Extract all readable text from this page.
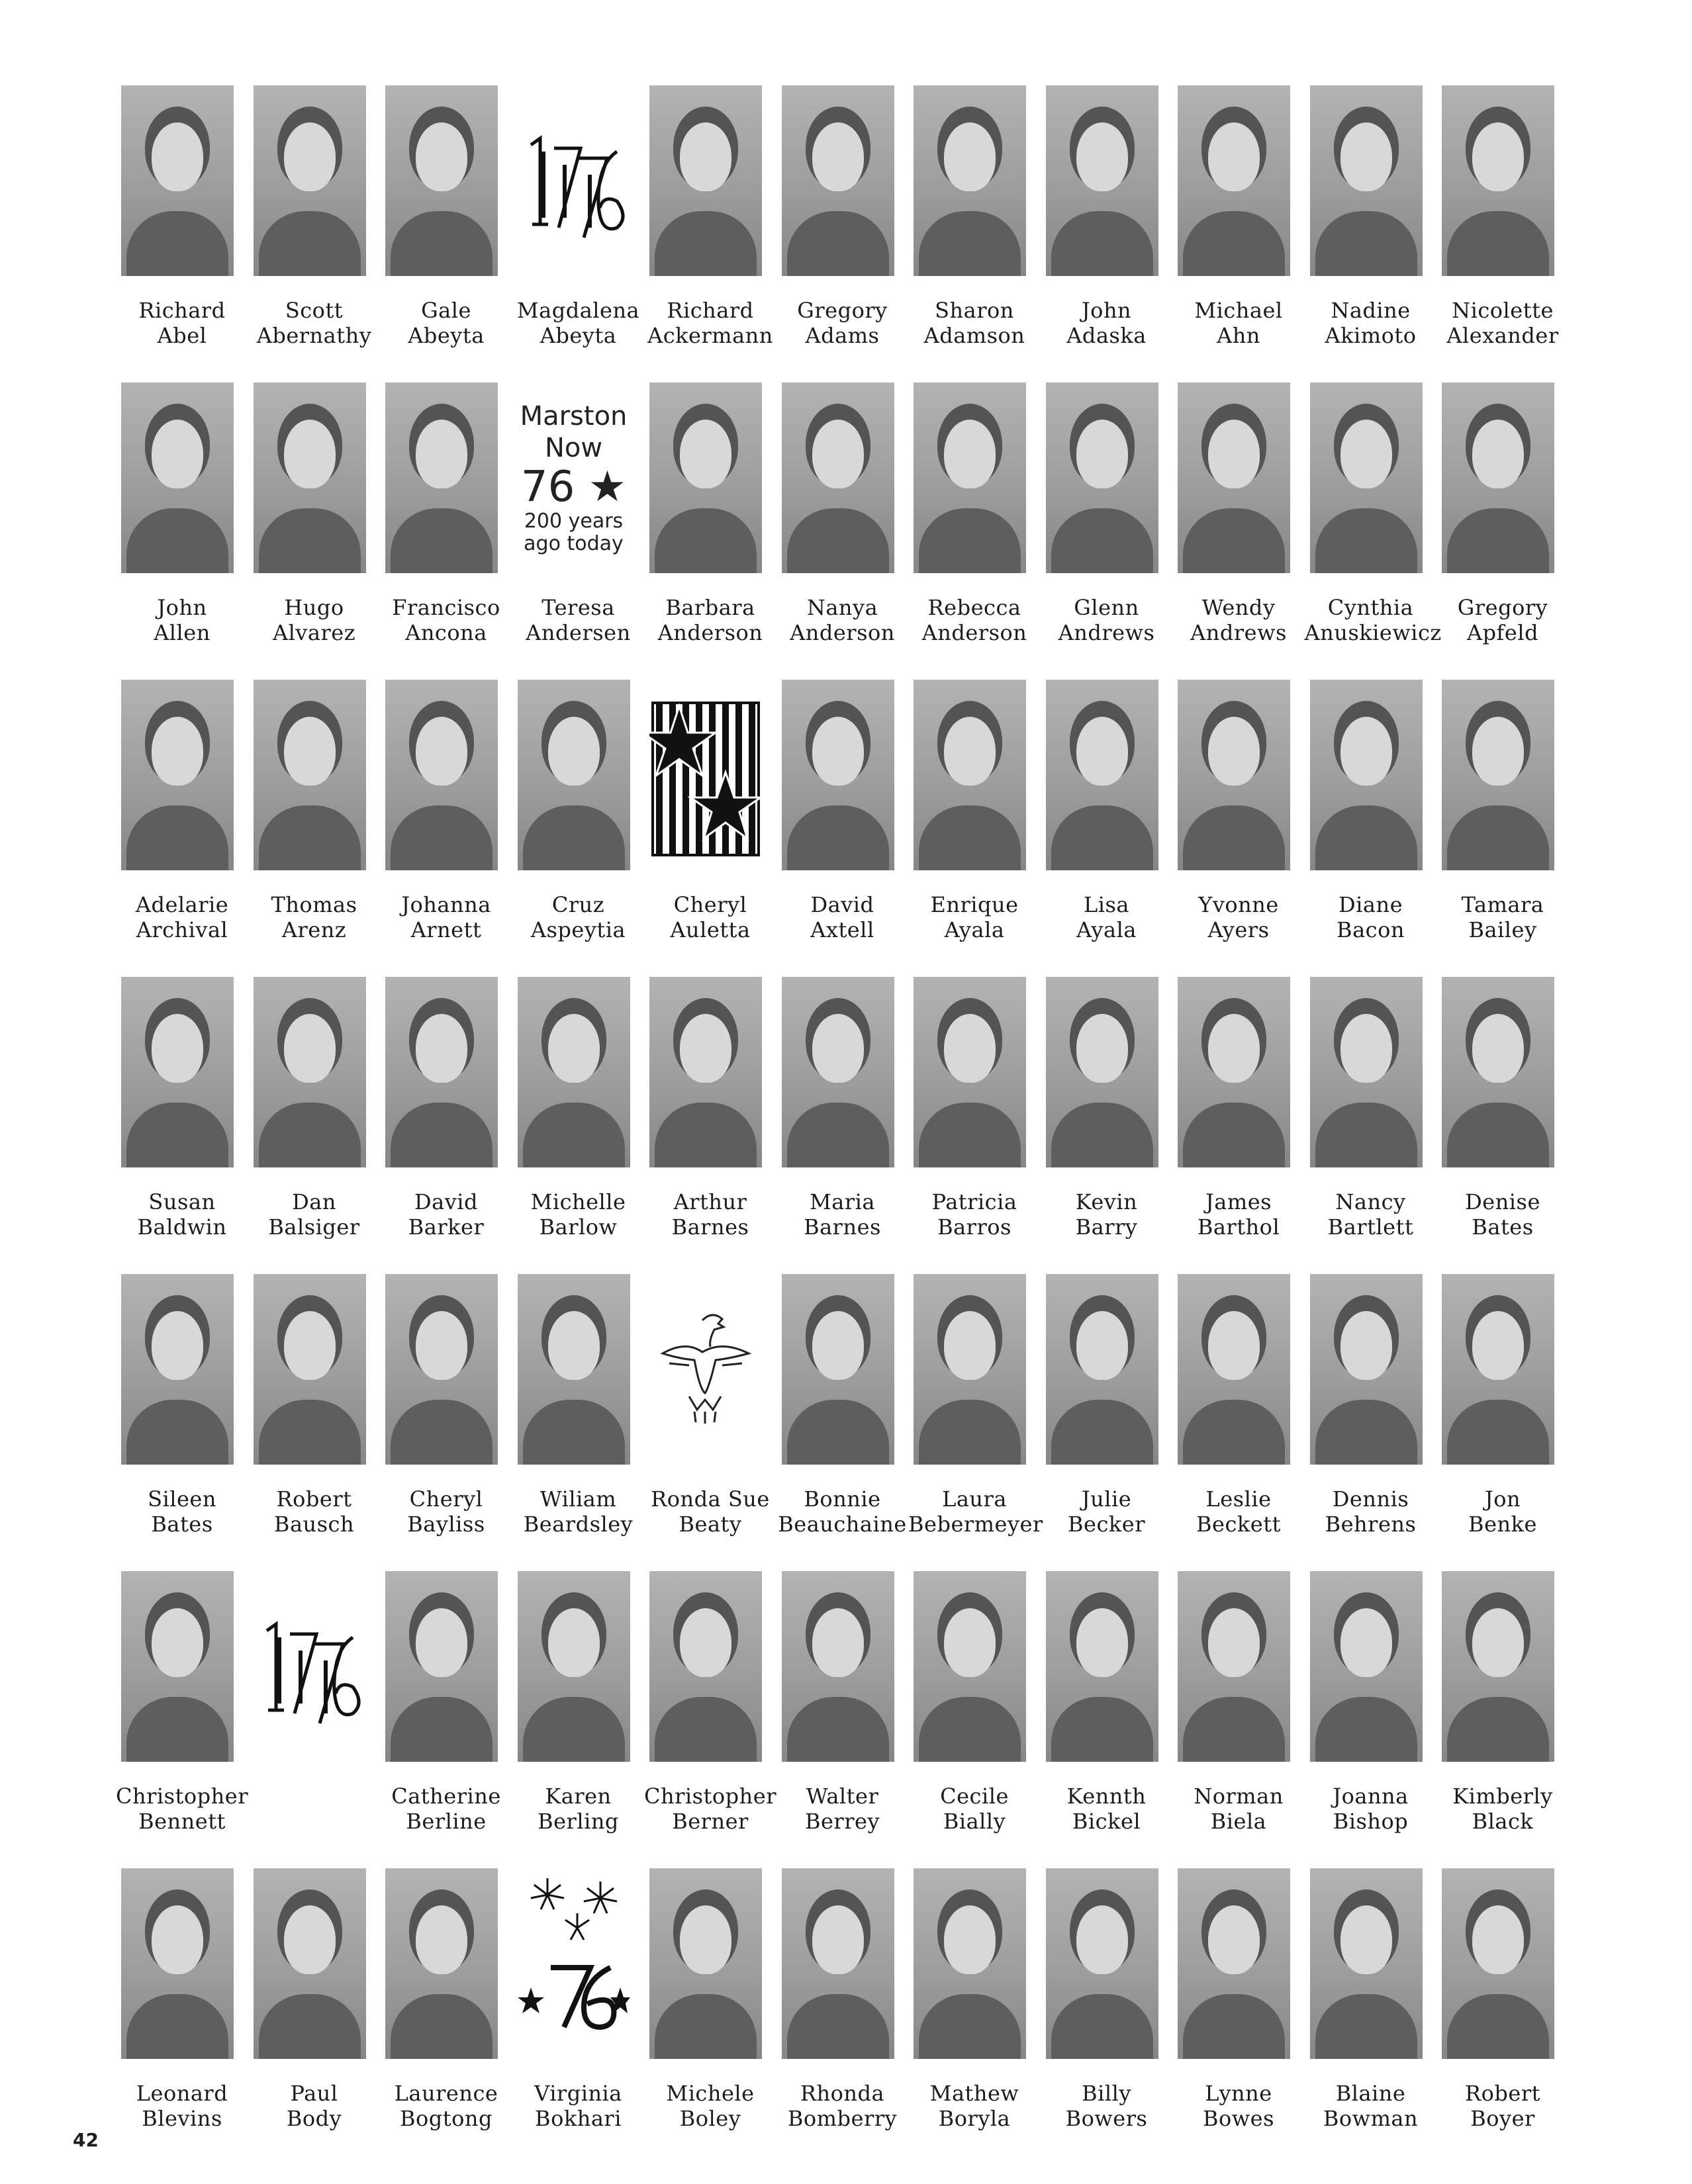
Richard
Abel
Scott
Abernathy
Gale
Abeyta
Magdalena
Abeyta
Richard
Ackermann
Gregory
Adams
Sharon
Adamson
John
Adaska
Michael
Ahn
Nadine
Akimoto
Nicolette
Alexander
John
Allen
Hugo
Alvarez
Francisco
Ancona
Marston
Now
76 ★
200 years
ago today
Teresa
Andersen
Barbara
Anderson
Nanya
Anderson
Rebecca
Anderson
Glenn
Andrews
Wendy
Andrews
Cynthia
Anuskiewicz
Gregory
Apfeld
Adelarie
Archival
Thomas
Arenz
Johanna
Arnett
Cruz
Aspeytia
Cheryl
Auletta
David
Axtell
Enrique
Ayala
Lisa
Ayala
Yvonne
Ayers
Diane
Bacon
Tamara
Bailey
Susan
Baldwin
Dan
Balsiger
David
Barker
Michelle
Barlow
Arthur
Barnes
Maria
Barnes
Patricia
Barros
Kevin
Barry
James
Barthol
Nancy
Bartlett
Denise
Bates
Sileen
Bates
Robert
Bausch
Cheryl
Bayliss
Wiliam
Beardsley
Ronda Sue
Beaty
Bonnie
Beauchaine
Laura
Bebermeyer
Julie
Becker
Leslie
Beckett
Dennis
Behrens
Jon
Benke
Christopher
Bennett
Catherine
Berline
Karen
Berling
Christopher
Berner
Walter
Berrey
Cecile
Bially
Kennth
Bickel
Norman
Biela
Joanna
Bishop
Kimberly
Black
Leonard
Blevins
Paul
Body
Laurence
Bogtong
Virginia
Bokhari
Michele
Boley
Rhonda
Bomberry
Mathew
Boryla
Billy
Bowers
Lynne
Bowes
Blaine
Bowman
Robert
Boyer
42
